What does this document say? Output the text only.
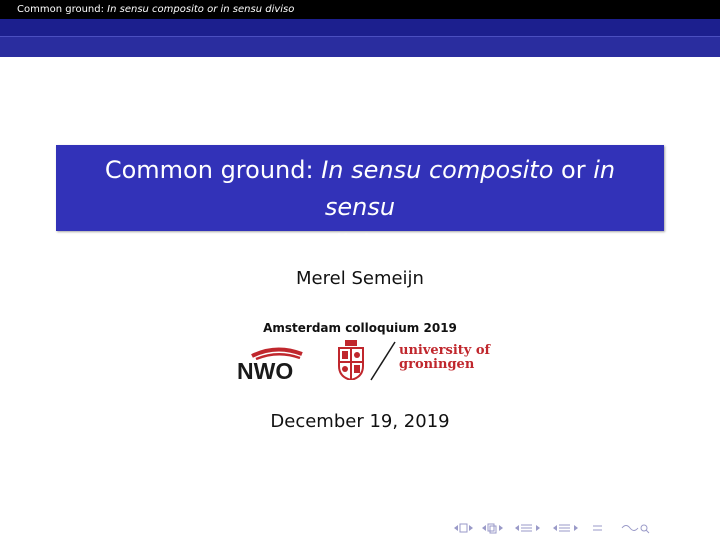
Common ground: In sensu composito or in sensu diviso
Common ground: In sensu composito or in sensu
diviso
Merel Semeijn
Amsterdam colloquium 2019
NWO
university of
groningen
December 19, 2019
